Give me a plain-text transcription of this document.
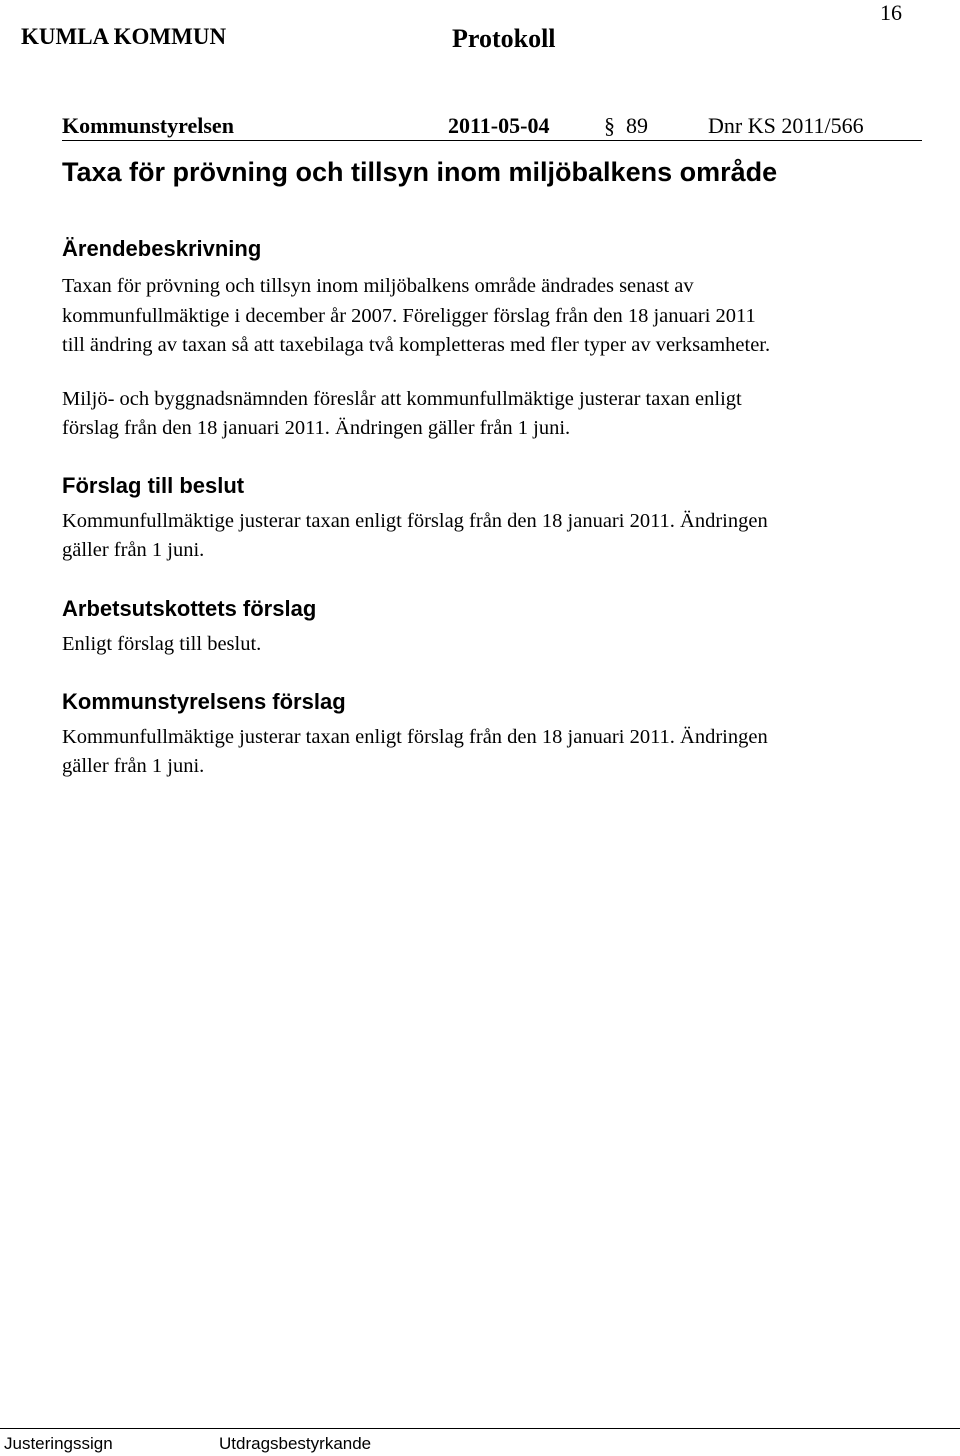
16
KUMLA KOMMUN	Protokoll
Kommunstyrelsen	2011-05-04 § 89	Dnr KS 2011/566
Taxa för prövning och tillsyn inom miljöbalkens område
Ärendebeskrivning
Taxan för prövning och tillsyn inom miljöbalkens område ändrades senast av
kommunfullmäktige i december år 2007. Föreligger förslag från den 18 januari 2011
till ändring av taxan så att taxebilaga två kompletteras med fler typer av verksamheter.
Miljö- och byggnadsnämnden föreslår att kommunfullmäktige justerar taxan enligt
förslag från den 18 januari 2011. Ändringen gäller från 1 juni.
Förslag till beslut
Kommunfullmäktige justerar taxan enligt förslag från den 18 januari 2011. Ändringen
gäller från 1 juni.
Arbetsutskottets förslag
Enligt förslag till beslut.
Kommunstyrelsens förslag
Kommunfullmäktige justerar taxan enligt förslag från den 18 januari 2011. Ändringen
gäller från 1 juni.
Justeringssign	Utdragsbestyrkande
